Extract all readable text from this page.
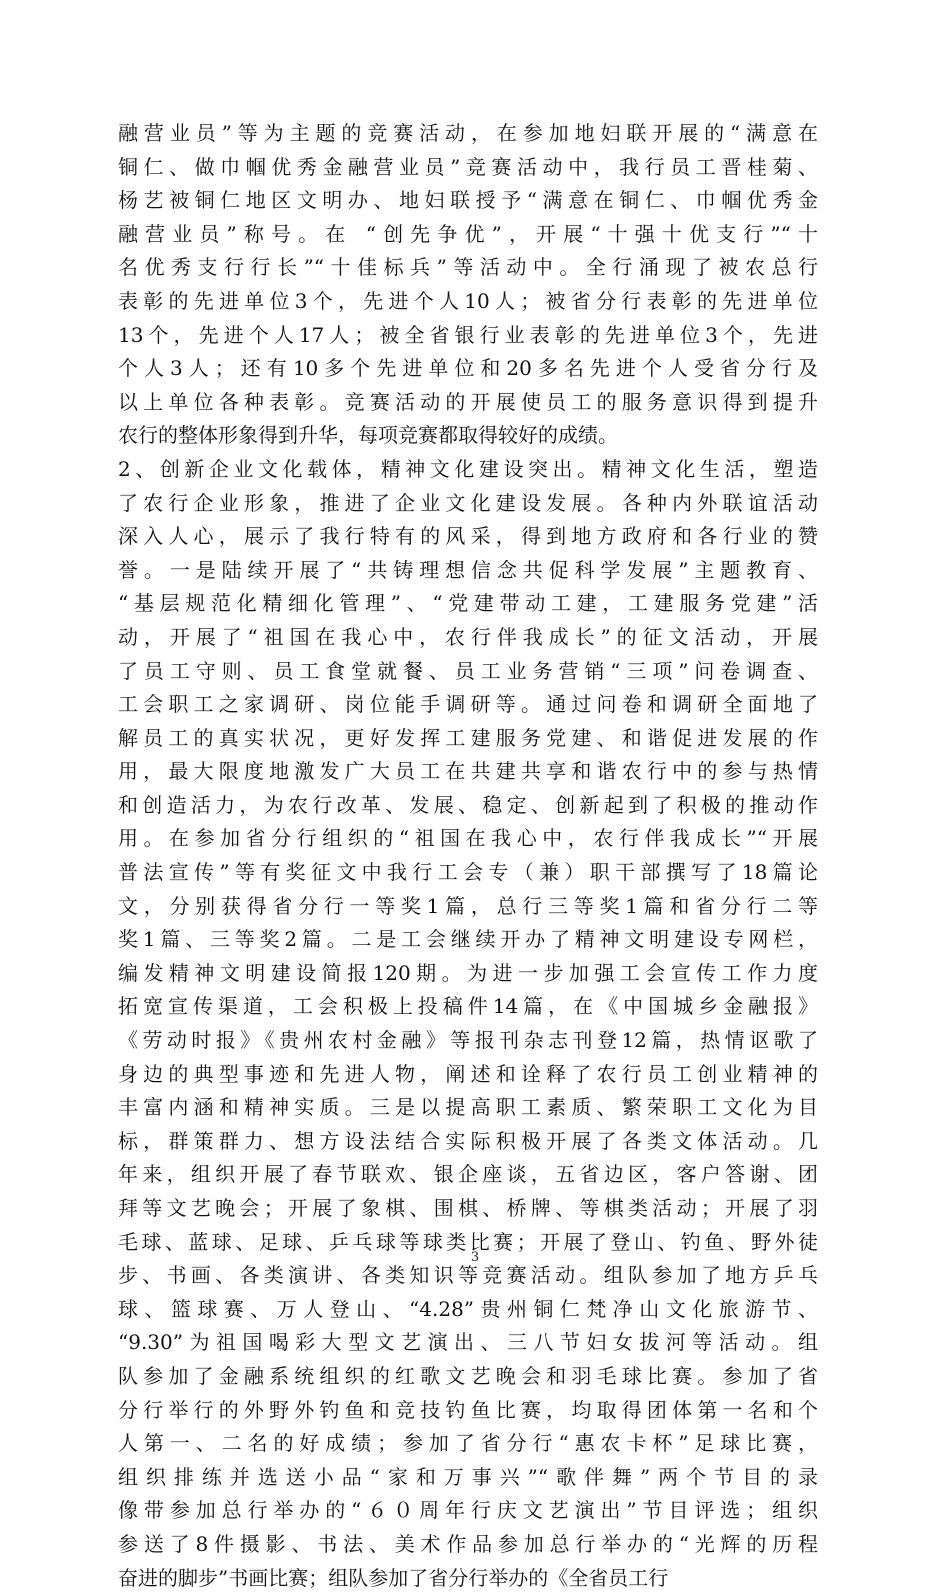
融营业员”等为主题的竞赛活动，在参加地妇联开展的“满意在
铜仁、做巾帼优秀金融营业员”竞赛活动中，我行员工晋桂菊、
杨艺被铜仁地区文明办、地妇联授予“满意在铜仁、巾帼优秀金
融营业员”称号。在 “创先争优”，开展“十强十优支行”“十
名优秀支行行长”“十佳标兵”等活动中。全行涌现了被农总行
表彰的先进单位3个，先进个人10人；被省分行表彰的先进单位
13个，先进个人17人；被全省银行业表彰的先进单位3个，先进
个人3人；还有10多个先进单位和20多名先进个人受省分行及
以上单位各种表彰。竞赛活动的开展使员工的服务意识得到提升
农行的整体形象得到升华，每项竞赛都取得较好的成绩。
2、创新企业文化载体，精神文化建设突出。精神文化生活，塑造
了农行企业形象，推进了企业文化建设发展。各种内外联谊活动
深入人心，展示了我行特有的风采，得到地方政府和各行业的赞
誉。一是陆续开展了“共铸理想信念共促科学发展”主题教育、
“基层规范化精细化管理”、“党建带动工建，工建服务党建”活
动，开展了“祖国在我心中，农行伴我成长”的征文活动，开展
了员工守则、员工食堂就餐、员工业务营销“三项”问卷调查、
工会职工之家调研、岗位能手调研等。通过问卷和调研全面地了
解员工的真实状况，更好发挥工建服务党建、和谐促进发展的作
用，最大限度地激发广大员工在共建共享和谐农行中的参与热情
和创造活力，为农行改革、发展、稳定、创新起到了积极的推动作
用。在参加省分行组织的“祖国在我心中，农行伴我成长”“开展
普法宣传”等有奖征文中我行工会专（兼）职干部撰写了18篇论
文，分别获得省分行一等奖1篇，总行三等奖1篇和省分行二等
奖1篇、三等奖2篇。二是工会继续开办了精神文明建设专网栏，
编发精神文明建设简报120期。为进一步加强工会宣传工作力度
拓宽宣传渠道，工会积极上投稿件14篇，在《中国城乡金融报》
《劳动时报》《贵州农村金融》等报刊杂志刊登12篇，热情讴歌了
身边的典型事迹和先进人物，阐述和诠释了农行员工创业精神的
丰富内涵和精神实质。三是以提高职工素质、繁荣职工文化为目
标，群策群力、想方设法结合实际积极开展了各类文体活动。几
年来，组织开展了春节联欢、银企座谈，五省边区，客户答谢、团
拜等文艺晚会；开展了象棋、围棋、桥牌、等棋类活动；开展了羽
毛球、蓝球、足球、乒乓球等球类比赛；开展了登山、钓鱼、野外徒
步、书画、各类演讲、各类知识等竞赛活动。组队参加了地方乒乓
球、篮球赛、万人登山、“4.28”贵州铜仁梵净山文化旅游节、
“9.30”为祖国喝彩大型文艺演出、三八节妇女拔河等活动。组
队参加了金融系统组织的红歌文艺晚会和羽毛球比赛。参加了省
分行举行的外野外钓鱼和竞技钓鱼比赛，均取得团体第一名和个
人第一、二名的好成绩；参加了省分行“惠农卡杯”足球比赛，
组织排练并选送小品“家和万事兴”“歌伴舞”两个节目的录
像带参加总行举办的“６０周年行庆文艺演出”节目评选；组织
参送了8件摄影、书法、美术作品参加总行举办的“光辉的历程
奋进的脚步”书画比赛；组队参加了省分行举办的《全省员工行
3
